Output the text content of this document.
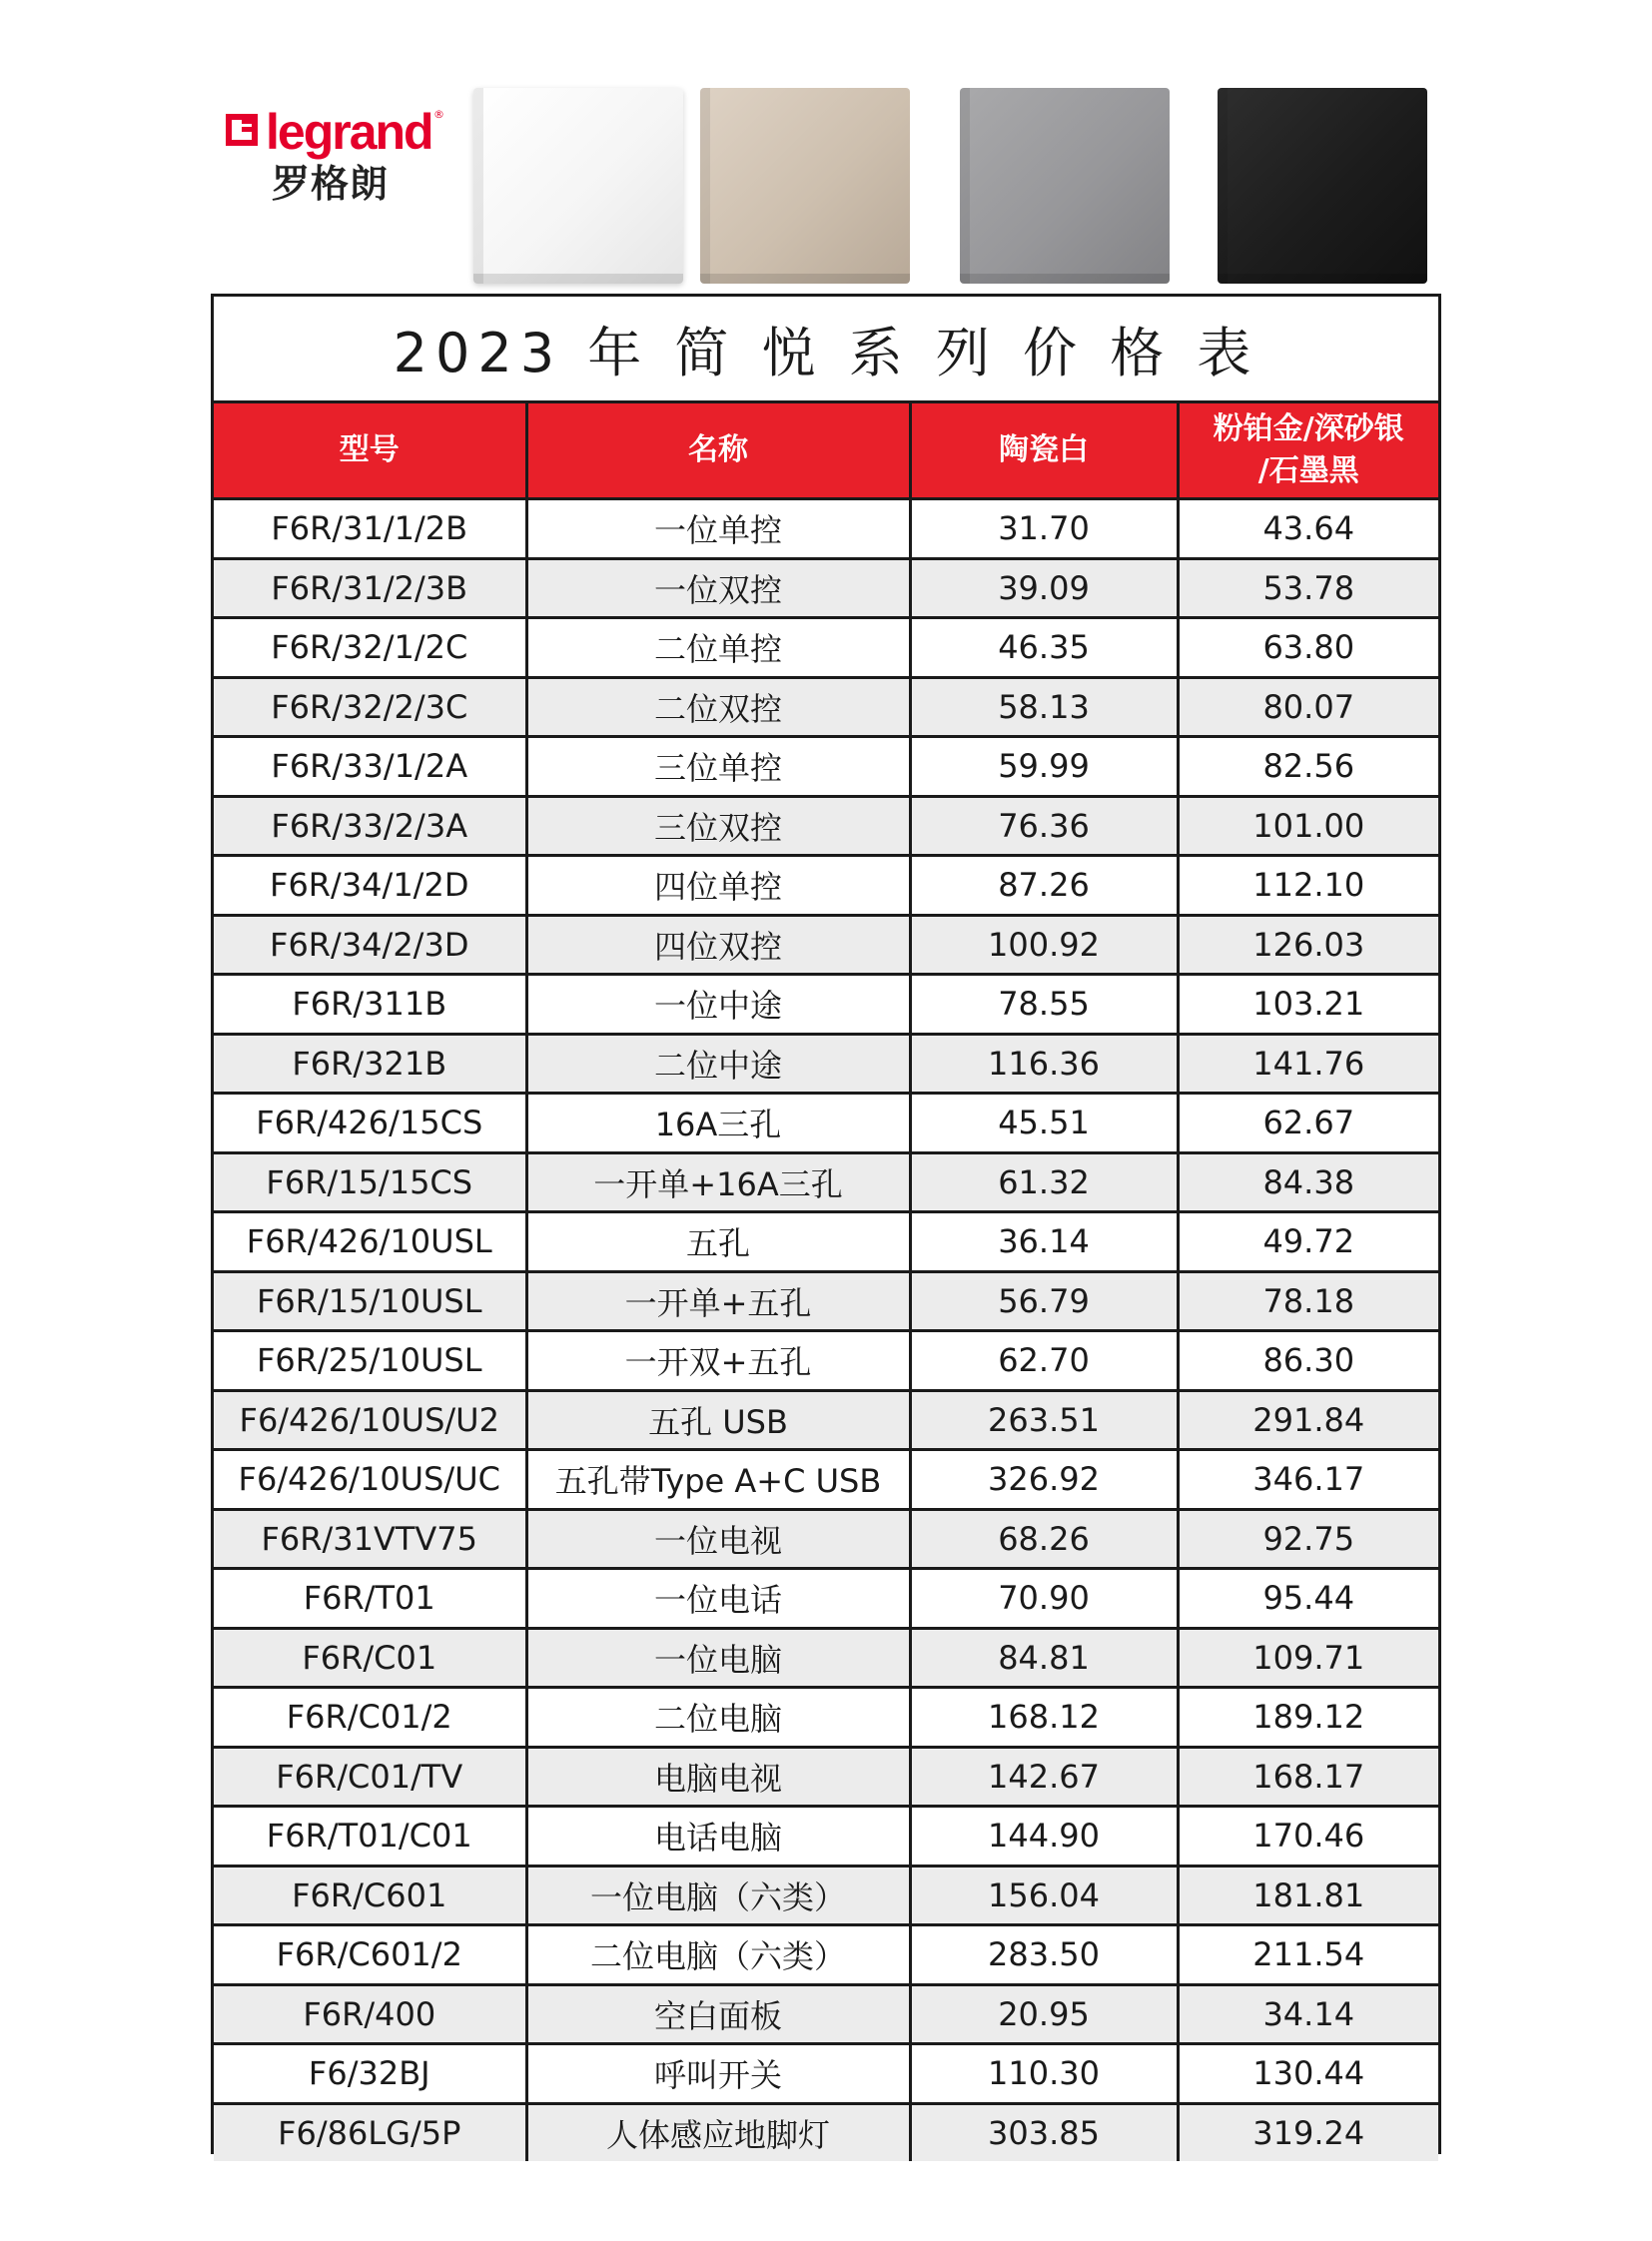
legrand ®
罗格朗
2023 年 简 悦 系 列 价 格 表
型号	名称	陶瓷白	粉铂金/深砂银
/石墨黑

F6R/31/1/2B	一位单控	31.70	43.64
F6R/31/2/3B	一位双控	39.09	53.78
F6R/32/1/2C	二位单控	46.35	63.80
F6R/32/2/3C	二位双控	58.13	80.07
F6R/33/1/2A	三位单控	59.99	82.56
F6R/33/2/3A	三位双控	76.36	101.00
F6R/34/1/2D	四位单控	87.26	112.10
F6R/34/2/3D	四位双控	100.92	126.03
F6R/311B	一位中途	78.55	103.21
F6R/321B	二位中途	116.36	141.76
F6R/426/15CS	16A三孔	45.51	62.67
F6R/15/15CS	一开单+16A三孔	61.32	84.38
F6R/426/10USL	五孔	36.14	49.72
F6R/15/10USL	一开单+五孔	56.79	78.18
F6R/25/10USL	一开双+五孔	62.70	86.30
F6/426/10US/U2	五孔 USB	263.51	291.84
F6/426/10US/UC	五孔带Type A+C USB	326.92	346.17
F6R/31VTV75	一位电视	68.26	92.75
F6R/T01	一位电话	70.90	95.44
F6R/C01	一位电脑	84.81	109.71
F6R/C01/2	二位电脑	168.12	189.12
F6R/C01/TV	电脑电视	142.67	168.17
F6R/T01/C01	电话电脑	144.90	170.46
F6R/C601	一位电脑（六类）	156.04	181.81
F6R/C601/2	二位电脑（六类）	283.50	211.54
F6R/400	空白面板	20.95	34.14
F6/32BJ	呼叫开关	110.30	130.44
F6/86LG/5P	人体感应地脚灯	303.85	319.24
